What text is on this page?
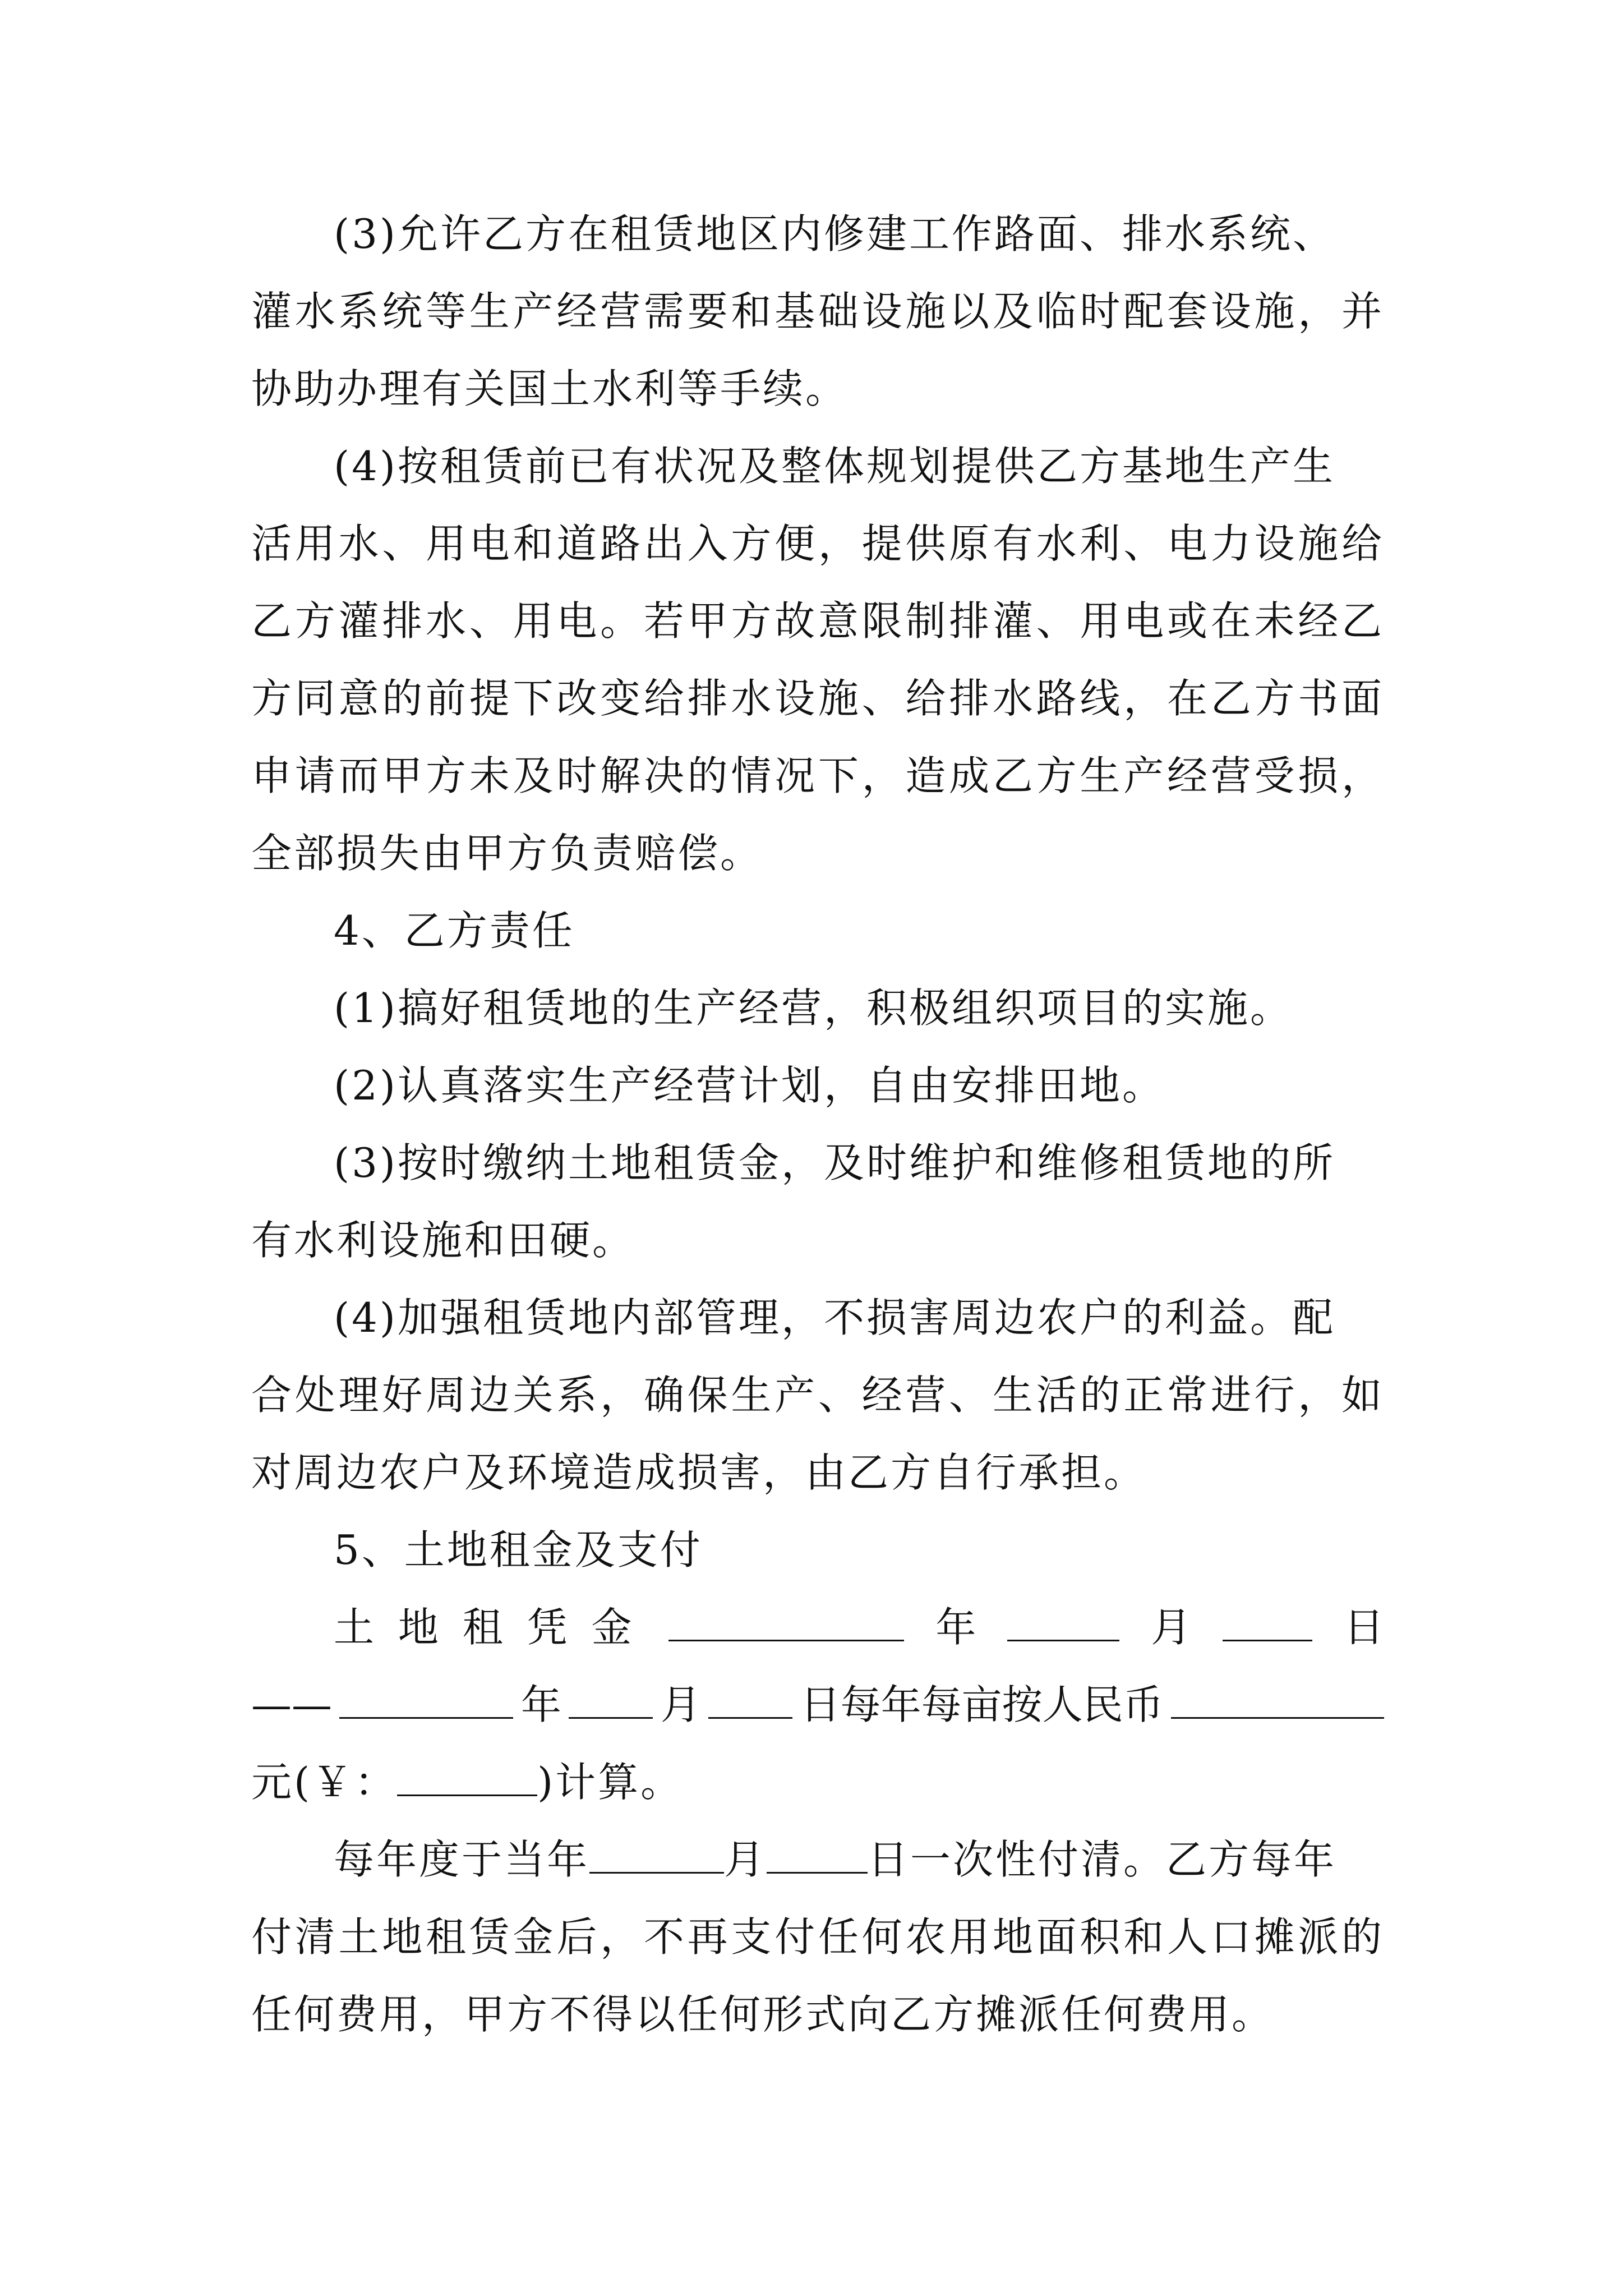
(3)允许乙方在租赁地区内修建工作路面、排水系统、
灌水系统等生产经营需要和基础设施以及临时配套设施，并
协助办理有关国土水利等手续。
(4)按租赁前已有状况及整体规划提供乙方基地生产生
活用水、用电和道路出入方便，提供原有水利、电力设施给
乙方灌排水、用电。若甲方故意限制排灌、用电或在未经乙
方同意的前提下改变给排水设施、给排水路线，在乙方书面
申请而甲方未及时解决的情况下，造成乙方生产经营受损，
全部损失由甲方负责赔偿。
4、乙方责任
(1)搞好租赁地的生产经营，积极组织项目的实施。
(2)认真落实生产经营计划，自由安排田地。
(3)按时缴纳土地租赁金，及时维护和维修租赁地的所
有水利设施和田硬。
(4)加强租赁地内部管理，不损害周边农户的利益。配
合处理好周边关系，确保生产、经营、生活的正常进行，如
对周边农户及环境造成损害，由乙方自行承担。
5、土地租金及支付
土 地 租 凭 金	年	月	日
——	年 月 日每年每亩按人民币
元(￥：	)计算。
每年度于当年	月	日一次性付清。乙方每年
付清土地租赁金后，不再支付任何农用地面积和人口摊派的
任何费用，甲方不得以任何形式向乙方摊派任何费用。
